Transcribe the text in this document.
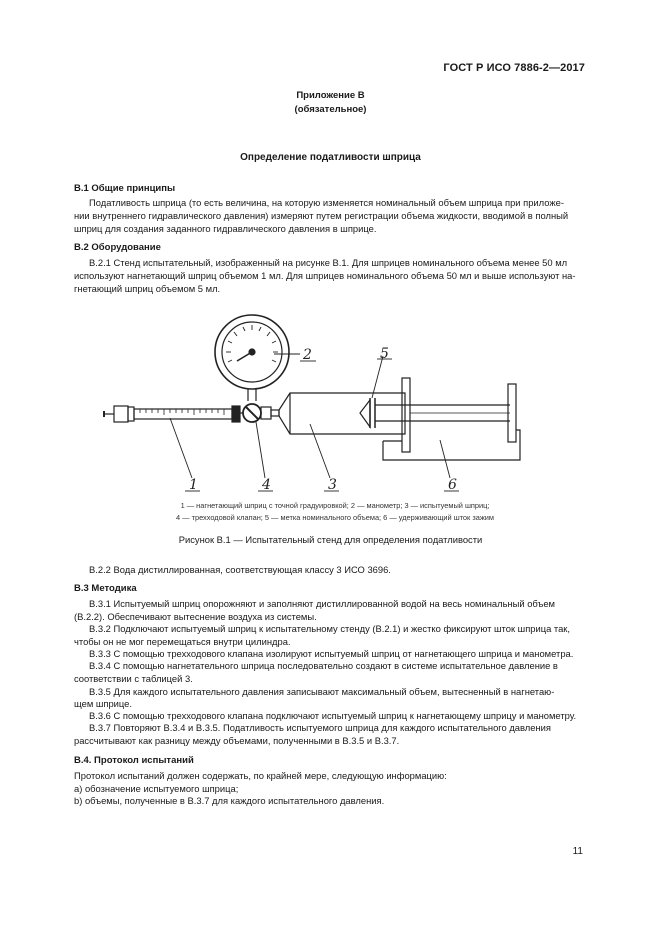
ГОСТ Р ИСО 7886-2—2017
Приложение В
(обязательное)
Определение податливости шприца
В.1 Общие принципы
Податливость шприца (то есть величина, на которую изменяется номинальный объем шприца при приложе-
нии внутреннего гидравлического давления) измеряют путем регистрации объема жидкости, вводимой в полный
шприц для создания заданного гидравлического давления в шприце.
В.2 Оборудование
В.2.1 Стенд испытательный, изображенный на рисунке В.1. Для шприцев номинального объема менее 50 мл
используют нагнетающий шприц объемом 1 мл. Для шприцев номинального объема 50 мл и выше используют на-
гнетающий шприц объемом 5 мл.
1
2
3
4
5
6
1 — нагнетающий шприц с точной градуировкой; 2 — манометр; 3 — испытуемый шприц;
4 — трехходовой клапан; 5 — метка номинального объема; 6 — удерживающий шток зажим
Рисунок В.1 — Испытательный стенд для определения податливости
В.2.2 Вода дистиллированная, соответствующая классу 3 ИСО 3696.
В.3 Методика
В.3.1 Испытуемый шприц опорожняют и заполняют дистиллированной водой на весь номинальный объем
(В.2.2). Обеспечивают вытеснение воздуха из системы.
В.3.2 Подключают испытуемый шприц к испытательному стенду (В.2.1) и жестко фиксируют шток шприца так,
чтобы он не мог перемещаться внутри цилиндра.
В.3.3 С помощью трехходового клапана изолируют испытуемый шприц от нагнетающего шприца и манометра.
В.3.4 С помощью нагнетательного шприца последовательно создают в системе испытательное давление в
соответствии с таблицей 3.
В.3.5 Для каждого испытательного давления записывают максимальный объем, вытесненный в нагнетаю-
щем шприце.
В.3.6 С помощью трехходового клапана подключают испытуемый шприц к нагнетающему шприцу и манометру.
В.3.7 Повторяют В.3.4 и В.3.5. Податливость испытуемого шприца для каждого испытательного давления
рассчитывают как разницу между объемами, полученными в В.3.5 и В.3.7.
В.4. Протокол испытаний
Протокол испытаний должен содержать, по крайней мере, следующую информацию:
а) обозначение испытуемого шприца;
b) объемы, полученные в В.3.7 для каждого испытательного давления.
11
